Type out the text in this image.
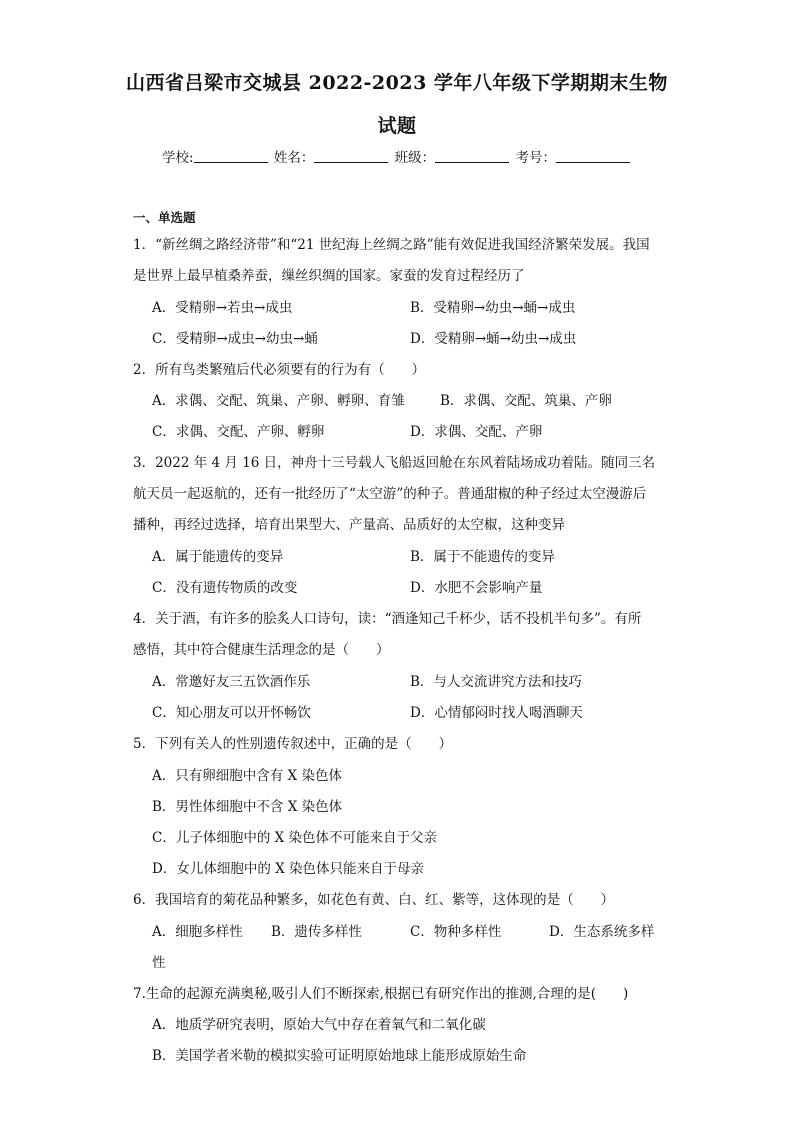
山西省吕梁市交城县 2022-2023 学年八年级下学期期末生物
试题
学校:	姓名：	班级：	考号：
一、单选题
1．“新丝绸之路经济带”和“21 世纪海上丝绸之路”能有效促进我国经济繁荣发展。我国
是世界上最早植桑养蚕，缫丝织绸的国家。家蚕的发育过程经历了
A．受精卵→若虫→成虫	B．受精卵→幼虫→蛹→成虫
C．受精卵→成虫→幼虫→蛹	D．受精卵→蛹→幼虫→成虫
2．所有鸟类繁殖后代必须要有的行为有（　　）
A．求偶、交配、筑巢、产卵、孵卵、育雏	B．求偶、交配、筑巢、产卵
C．求偶、交配、产卵、孵卵	D．求偶、交配、产卵
3．2022 年 4 月 16 日，神舟十三号载人飞船返回舱在东风着陆场成功着陆。随同三名
航天员一起返航的，还有一批经历了“太空游”的种子。普通甜椒的种子经过太空漫游后
播种，再经过选择，培育出果型大、产量高、品质好的太空椒，这种变异
A．属于能遗传的变异	B．属于不能遗传的变异
C．没有遗传物质的改变	D．水肥不会影响产量
4．关于酒，有许多的脍炙人口诗句，读：“酒逢知己千杯少，话不投机半句多”。有所
感悟，其中符合健康生活理念的是（　　）
A．常邀好友三五饮酒作乐	B．与人交流讲究方法和技巧
C．知心朋友可以开怀畅饮	D．心情郁闷时找人喝酒聊天
5．下列有关人的性别遗传叙述中，正确的是（　　）
A．只有卵细胞中含有 X 染色体
B．男性体细胞中不含 X 染色体
C．儿子体细胞中的 X 染色体不可能来自于父亲
D．女儿体细胞中的 X 染色体只能来自于母亲
6．我国培育的菊花品种繁多，如花色有黄、白、红、紫等，这体现的是（　　）
A．细胞多样性 B．遗传多样性	C．物种多样性	D．生态系统多样
性
7.生命的起源充满奥秘,吸引人们不断探索,根据已有研究作出的推测,合理的是(　　)
A．地质学研究表明，原始大气中存在着氧气和二氧化碳
B．美国学者米勒的模拟实验可证明原始地球上能形成原始生命
